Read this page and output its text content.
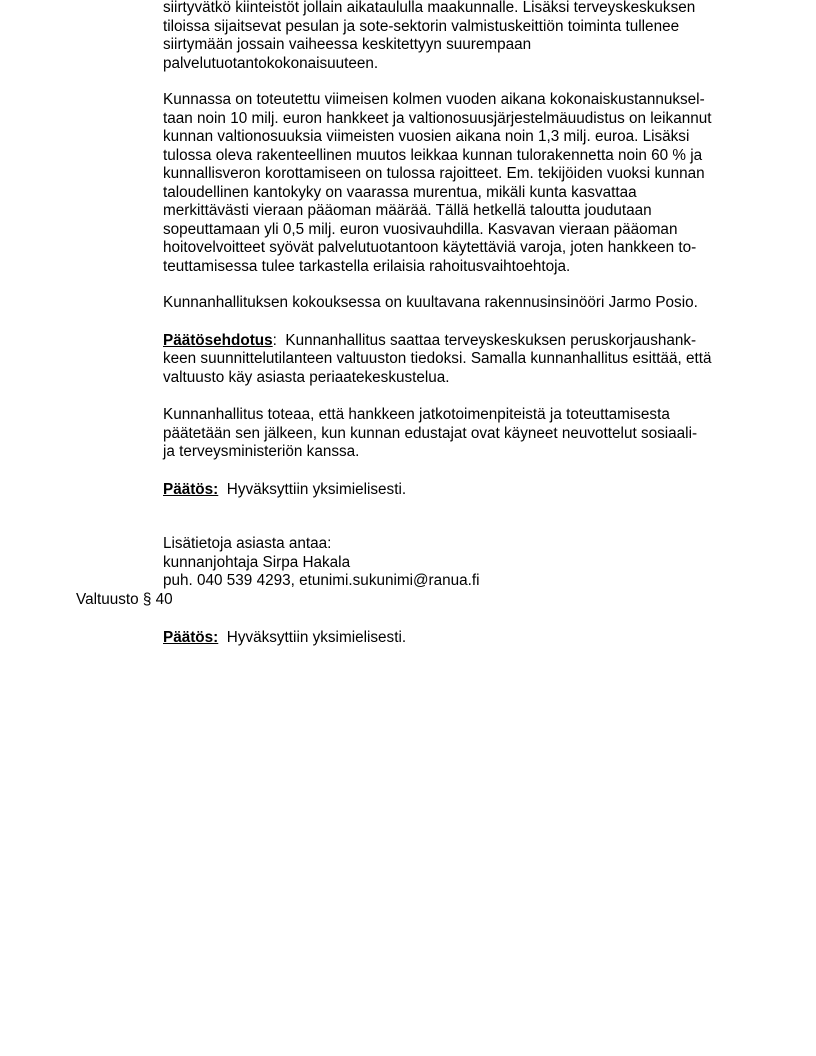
siirtyvätkö kiinteistöt jollain aikataululla maakunnalle. Lisäksi terveyskeskuksen
tiloissa sijaitsevat pesulan ja sote-sektorin valmistuskeittiön toiminta tullenee
siirtymään jossain vaiheessa keskitettyyn suurempaan
palvelutuotantokokonaisuuteen.
Kunnassa on toteutettu viimeisen kolmen vuoden aikana kokonaiskustannuksel-
taan noin 10 milj. euron hankkeet ja valtionosuusjärjestelmäuudistus on leikannut
kunnan valtionosuuksia viimeisten vuosien aikana noin 1,3 milj. euroa. Lisäksi
tulossa oleva rakenteellinen muutos leikkaa kunnan tulorakennetta noin 60 % ja
kunnallisveron korottamiseen on tulossa rajoitteet. Em. tekijöiden vuoksi kunnan
taloudellinen kantokyky on vaarassa murentua, mikäli kunta kasvattaa
merkittävästi vieraan pääoman määrää. Tällä hetkellä taloutta joudutaan
sopeuttamaan yli 0,5 milj. euron vuosivauhdilla. Kasvavan vieraan pääoman
hoitovelvoitteet syövät palvelutuotantoon käytettäviä varoja, joten hankkeen to-
teuttamisessa tulee tarkastella erilaisia rahoitusvaihtoehtoja.
Kunnanhallituksen kokouksessa on kuultavana rakennusinsinööri Jarmo Posio.
Päätösehdotus: Kunnanhallitus saattaa terveyskeskuksen peruskorjaushank-
keen suunnittelutilanteen valtuuston tiedoksi. Samalla kunnanhallitus esittää, että
valtuusto käy asiasta periaatekeskustelua.
Kunnanhallitus toteaa, että hankkeen jatkotoimenpiteistä ja toteuttamisesta
päätetään sen jälkeen, kun kunnan edustajat ovat käyneet neuvottelut sosiaali-
ja terveysministeriön kanssa.
Päätös: Hyväksyttiin yksimielisesti.
Lisätietoja asiasta antaa:
kunnanjohtaja Sirpa Hakala
puh. 040 539 4293, etunimi.sukunimi@ranua.fi
Valtuusto § 40
Päätös: Hyväksyttiin yksimielisesti.
